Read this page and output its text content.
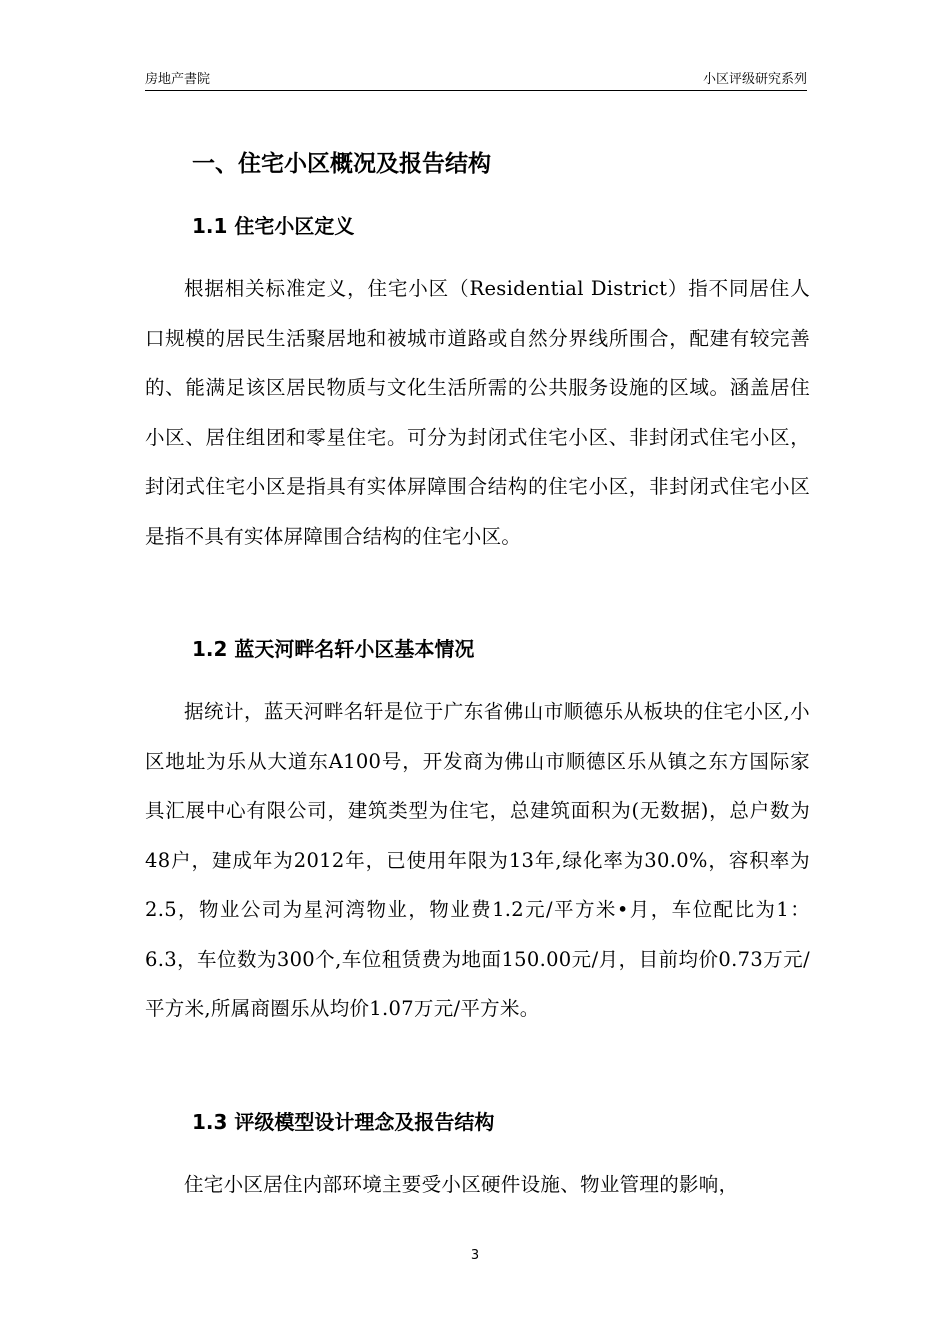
房地产書院	小区评级研究系列
一、住宅小区概况及报告结构
1.1 住宅小区定义
根据相关标准定义，住宅小区（Residential District）指不同居住人口规模的居民生活聚居地和被城市道路或自然分界线所围合，配建有较完善的、能满足该区居民物质与文化生活所需的公共服务设施的区域。涵盖居住小区、居住组团和零星住宅。可分为封闭式住宅小区、非封闭式住宅小区，封闭式住宅小区是指具有实体屏障围合结构的住宅小区，非封闭式住宅小区是指不具有实体屏障围合结构的住宅小区。
1.2 蓝天河畔名轩小区基本情况
据统计，蓝天河畔名轩是位于广东省佛山市顺德乐从板块的住宅小区,小区地址为乐从大道东A100号，开发商为佛山市顺德区乐从镇之东方国际家具汇展中心有限公司，建筑类型为住宅，总建筑面积为(无数据)，总户数为48户，建成年为2012年，已使用年限为13年,绿化率为30.0%，容积率为2.5，物业公司为星河湾物业，物业费1.2元/平方米•月，车位配比为1：6.3，车位数为300个,车位租赁费为地面150.00元/月，目前均价0.73万元/平方米,所属商圈乐从均价1.07万元/平方米。
1.3 评级模型设计理念及报告结构
住宅小区居住内部环境主要受小区硬件设施、物业管理的影响，
3
